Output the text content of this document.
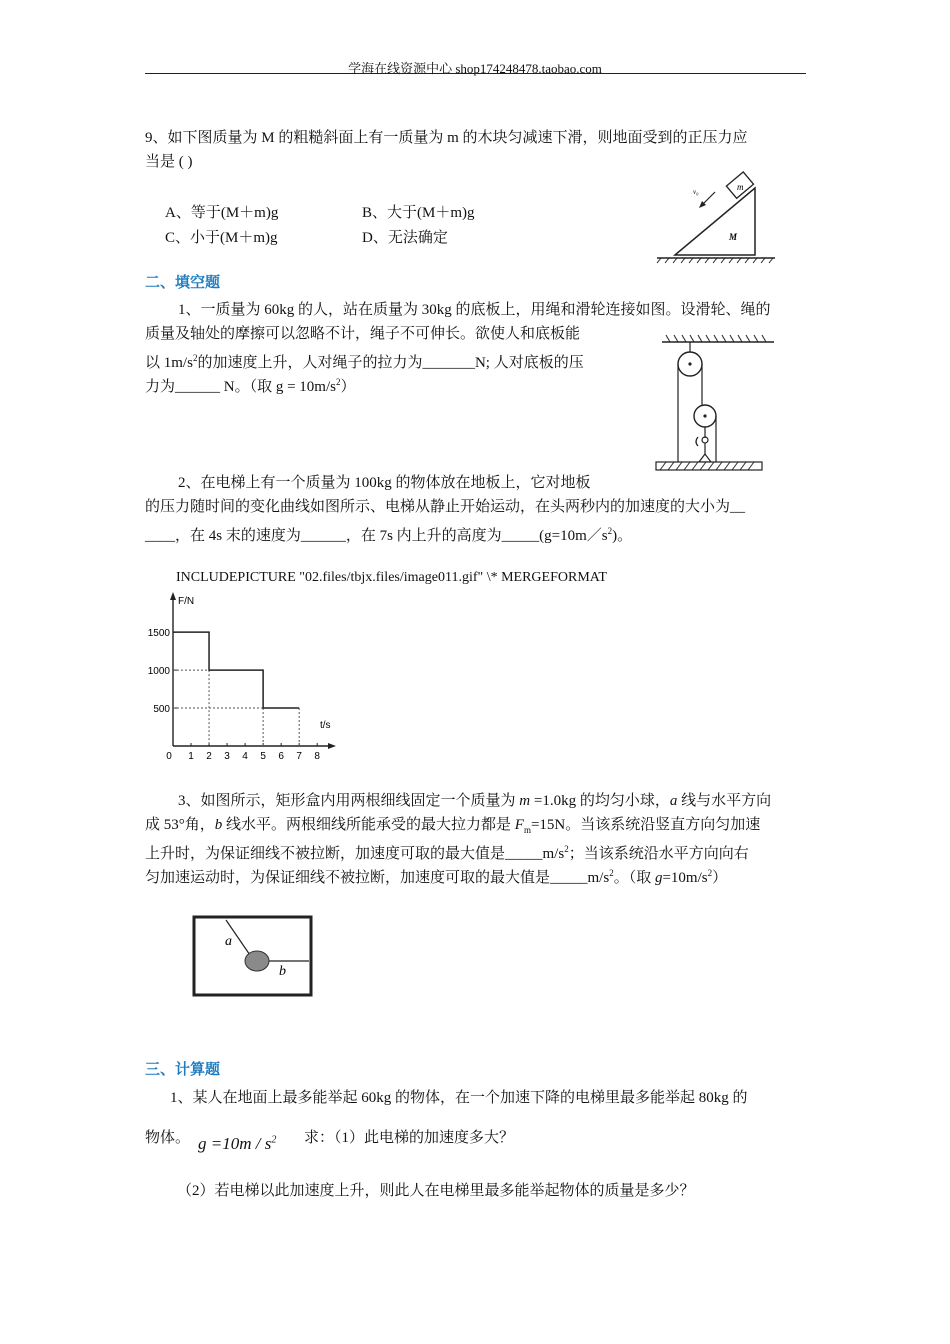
学海在线资源中心 shop174248478.taobao.com
9、如下图质量为 M 的粗糙斜面上有一质量为 m 的木块匀减速下滑，则地面受到的正压力应
当是 ( )
A、等于(M＋m)g	B、大于(M＋m)g
C、小于(M＋m)g	D、无法确定
m
M
v₀
二、填空题
1、一质量为 60kg 的人，站在质量为 30kg 的底板上，用绳和滑轮连接如图。设滑轮、绳的
质量及轴处的摩擦可以忽略不计，绳子不可伸长。欲使人和底板能
以 $1m/s^2$的加速度上升，人对绳子的拉力为_______N; 人对底板的压
力为______ N。（取 $g = 10m/s^2$）
2、在电梯上有一个质量为 100kg 的物体放在地板上，它对地板
的压力随时间的变化曲线如图所示、电梯从静止开始运动，在头两秒内的加速度的大小为__
____，在 4s 末的速度为______，在 7s 内上升的高度为$\_\_\_\_\_(g=10m/s^2)$。
INCLUDEPICTURE "02.files/tbjx.files/image011.gif" \* MERGEFORMAT
F/N
t/s
0 1 2 3 4 5 6 7 8
500
1000
1500
3、如图所示，矩形盒内用两根细线固定一个质量为 m =1.0kg 的均匀小球，a 线与水平方向
成 53°角，b 线水平。两根细线所能承受的最大拉力都是 $F_m=15N$。当该系统沿竖直方向匀加速
上升时，为保证细线不被拉断，加速度可取的最大值是$\_\_\_\_\_m/s^2$；当该系统沿水平方向向右
匀加速运动时，为保证细线不被拉断，加速度可取的最大值是$\_\_\_\_\_m/s^2$。（取 $g=10m/s^2$）
a
b
三、计算题
1、某人在地面上最多能举起 60kg 的物体，在一个加速下降的电梯里最多能举起 80kg 的
物体。 $g =10m / s^2$ 求：（1）此电梯的加速度多大？
（2）若电梯以此加速度上升，则此人在电梯里最多能举起物体的质量是多少？
